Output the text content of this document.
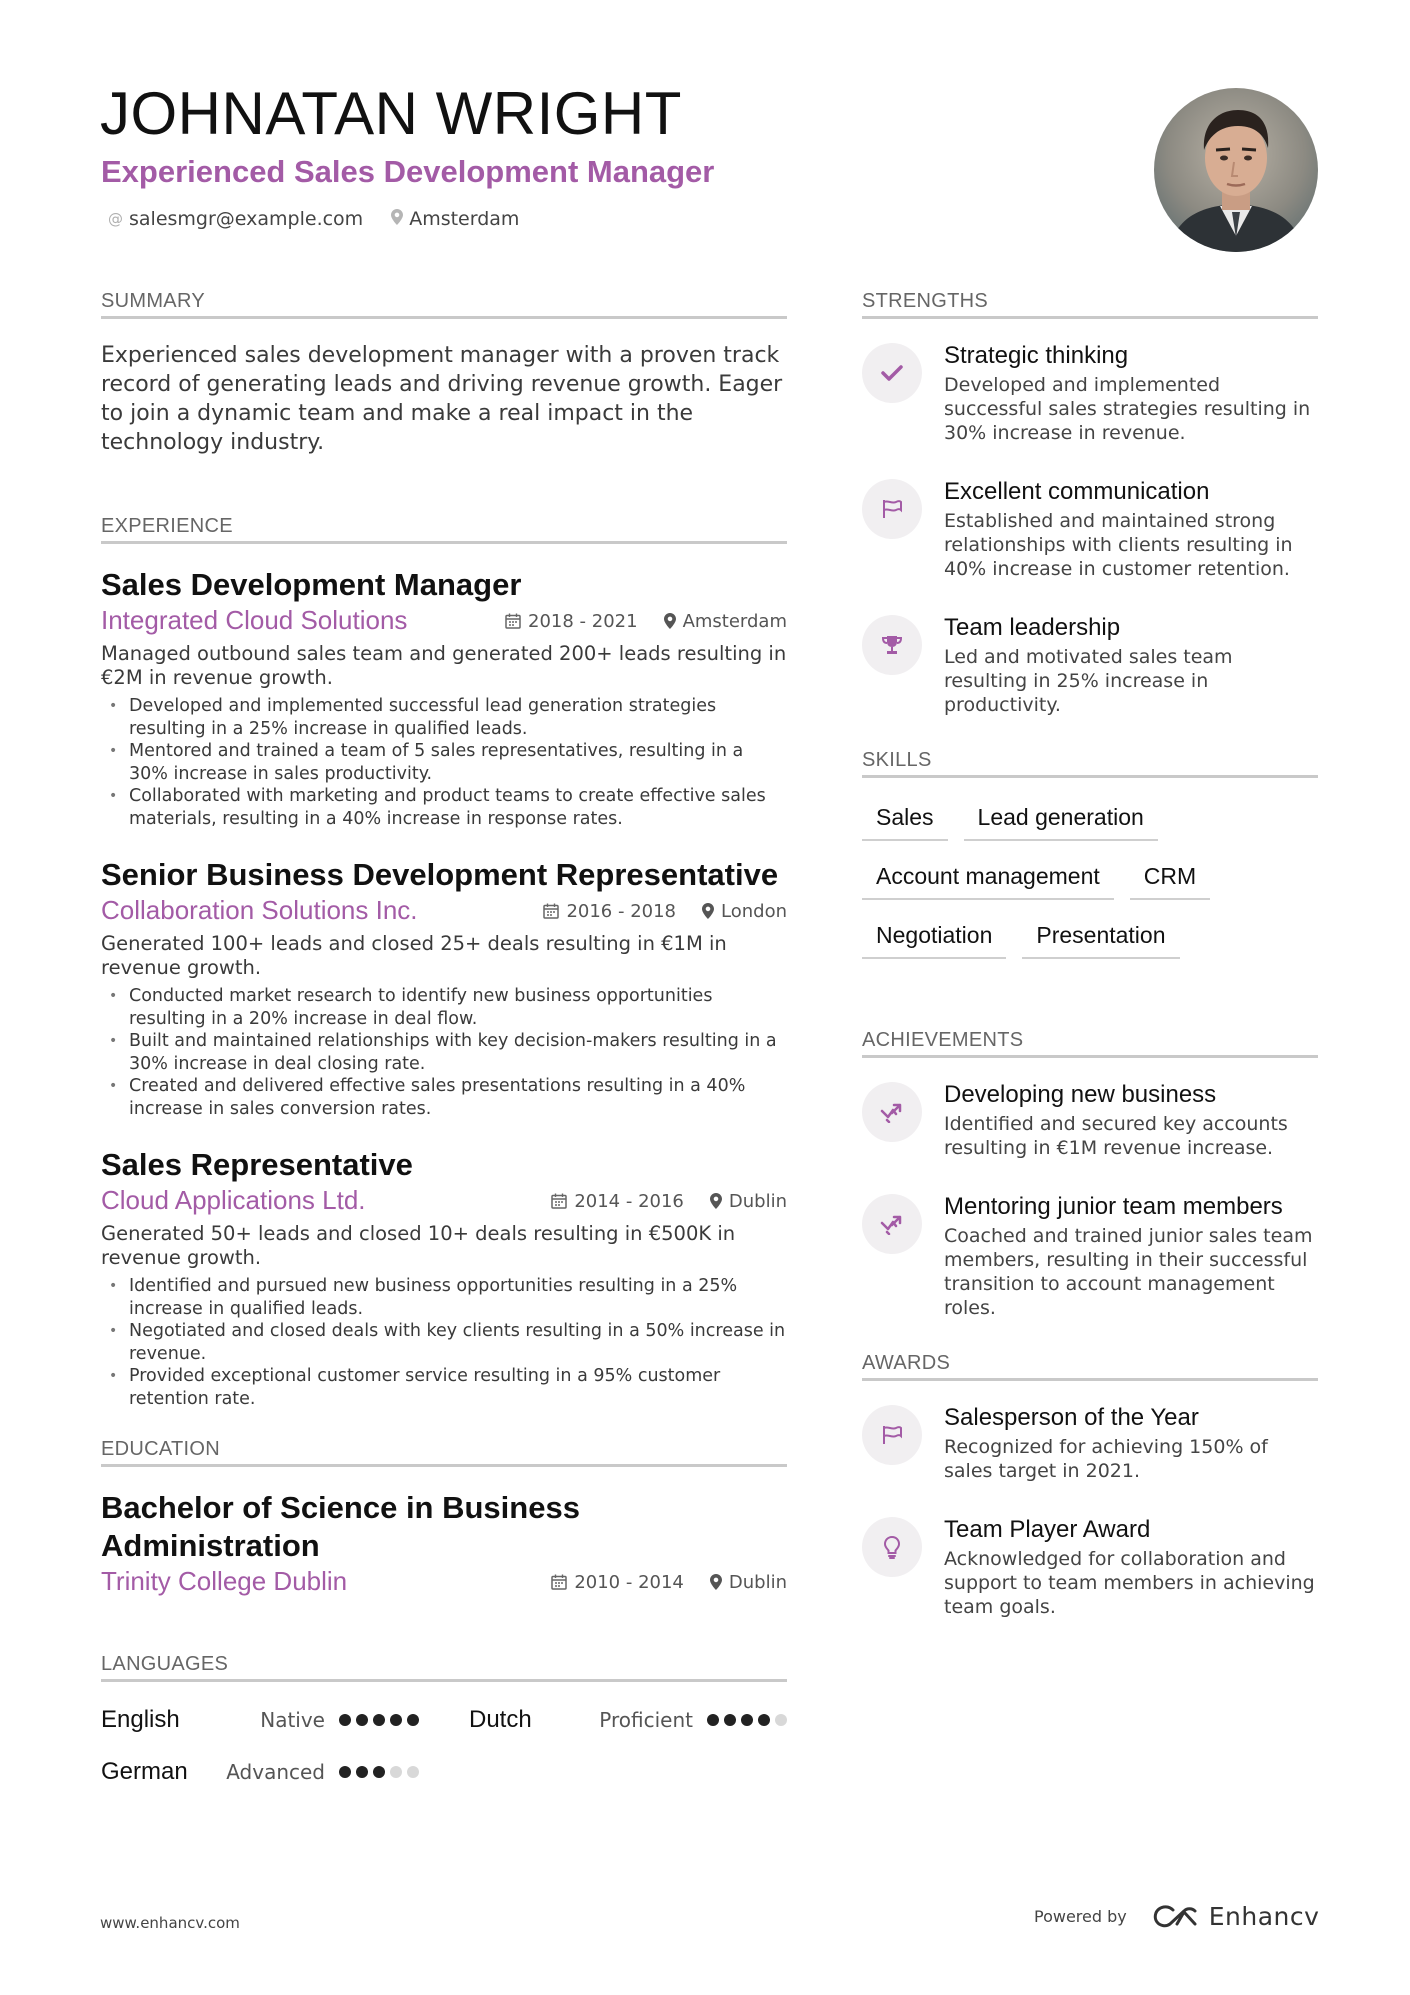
JOHNATAN WRIGHT
Experienced Sales Development Manager
@ salesmgr@example.com Amsterdam
SUMMARY

Experienced sales development manager with a proven track record of generating leads and driving revenue growth. Eager to join a dynamic team and make a real impact in the technology industry.

EXPERIENCE
Sales Development Manager
Integrated Cloud Solutions	2018 - 2021	Amsterdam

Managed outbound sales team and generated 200+ leads resulting in €2M in revenue growth.

• Developed and implemented successful lead generation strategies resulting in a 25% increase in qualified leads.
• Mentored and trained a team of 5 sales representatives, resulting in a 30% increase in sales productivity.
• Collaborated with marketing and product teams to create effective sales materials, resulting in a 40% increase in response rates.
Senior Business Development Representative
Collaboration Solutions Inc.	2016 - 2018	London

Generated 100+ leads and closed 25+ deals resulting in €1M in revenue growth.

• Conducted market research to identify new business opportunities resulting in a 20% increase in deal flow.
• Built and maintained relationships with key decision-makers resulting in a 30% increase in deal closing rate.
• Created and delivered effective sales presentations resulting in a 40% increase in sales conversion rates.
Sales Representative
Cloud Applications Ltd.	2014 - 2016	Dublin

Generated 50+ leads and closed 10+ deals resulting in €500K in revenue growth.

• Identified and pursued new business opportunities resulting in a 25% increase in qualified leads.
• Negotiated and closed deals with key clients resulting in a 50% increase in revenue.
• Provided exceptional customer service resulting in a 95% customer retention rate.
EDUCATION
Bachelor of Science in Business Administration
Trinity College Dublin	2010 - 2014	Dublin
LANGUAGES
English	Native	Dutch	Proficient
German Advanced
STRENGTHS

Strategic thinking

Developed and implemented successful sales strategies resulting in 30% increase in revenue.

Excellent communication

Established and maintained strong relationships with clients resulting in 40% increase in customer retention.

Team leadership

Led and motivated sales team resulting in 25% increase in productivity.

SKILLS
Sales	Lead generation
Account management	CRM
Negotiation	Presentation
ACHIEVEMENTS

Developing new business

Identified and secured key accounts resulting in €1M revenue increase.

Mentoring junior team members

Coached and trained junior sales team members, resulting in their successful transition to account management roles.

AWARDS

Salesperson of the Year

Recognized for achieving 150% of sales target in 2021.

Team Player Award

Acknowledged for collaboration and support to team members in achieving team goals.

www.enhancv.com	Powered by	Enhancv
